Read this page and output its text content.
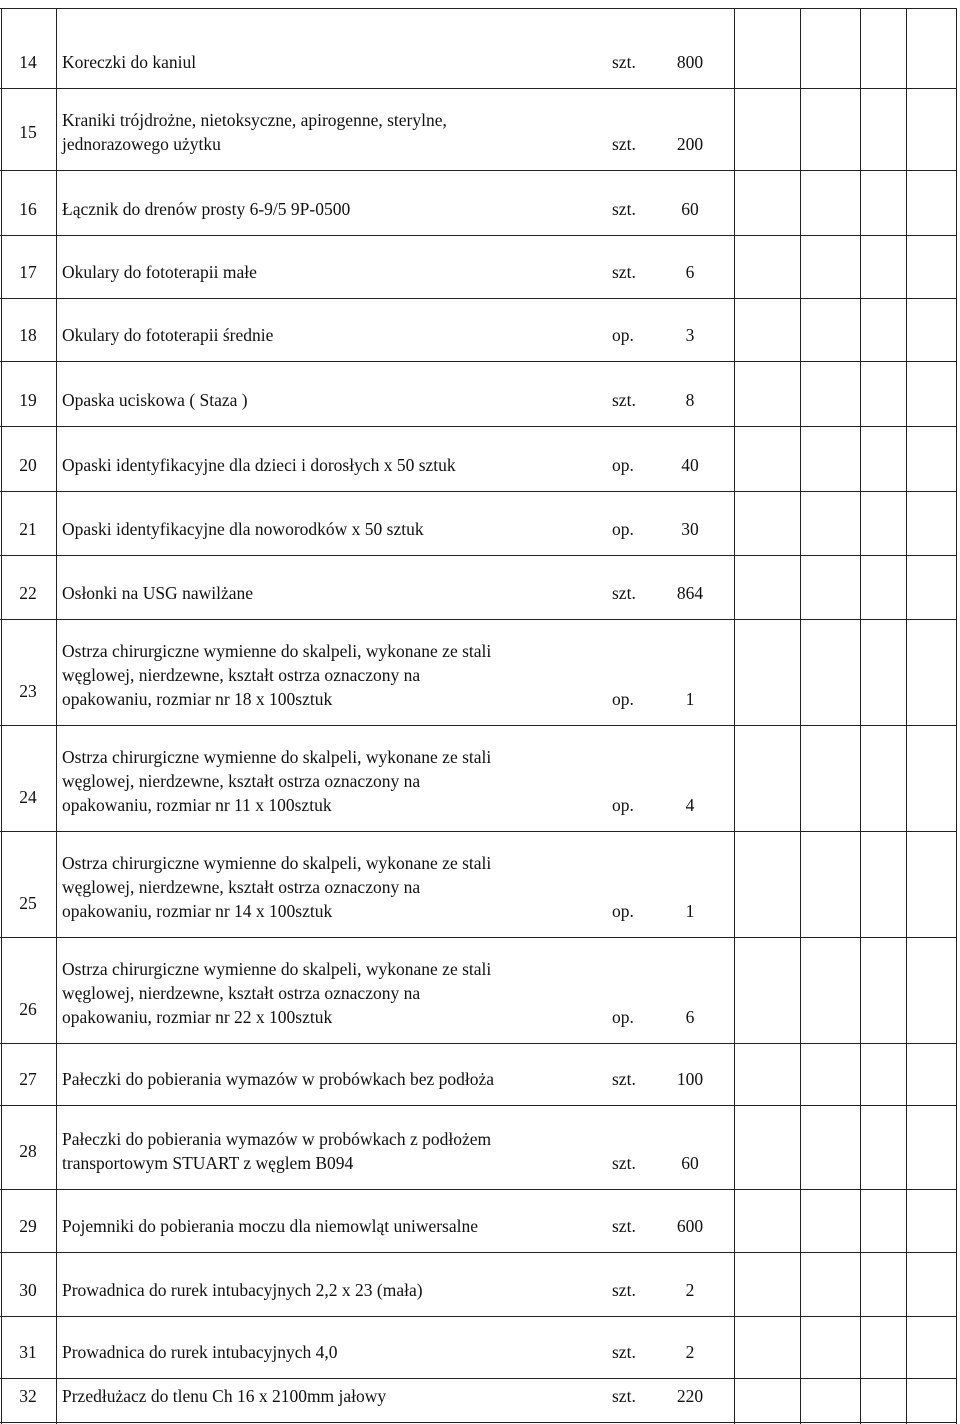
14	Koreczki do kaniul	szt.	800
15
Kraniki trójdrożne, nietoksyczne, apirogenne, sterylne,
jednorazowego użytku	szt.	200
16	Łącznik do drenów prosty 6-9/5 9P-0500	szt.	60
17	Okulary do fototerapii małe	szt.	6
18	Okulary do fototerapii średnie	op.	3
19	Opaska uciskowa ( Staza )	szt.	8
20	Opaski identyfikacyjne dla dzieci i dorosłych x 50 sztuk	op.	40
21	Opaski identyfikacyjne dla noworodków x 50 sztuk	op.	30
22	Osłonki na USG nawilżane	szt.	864
23
Ostrza chirurgiczne wymienne do skalpeli, wykonane ze stali
węglowej, nierdzewne, kształt ostrza oznaczony na
opakowaniu, rozmiar nr 18 x 100sztuk	op.	1
24
Ostrza chirurgiczne wymienne do skalpeli, wykonane ze stali
węglowej, nierdzewne, kształt ostrza oznaczony na
opakowaniu, rozmiar nr 11 x 100sztuk	op.	4
25
Ostrza chirurgiczne wymienne do skalpeli, wykonane ze stali
węglowej, nierdzewne, kształt ostrza oznaczony na
opakowaniu, rozmiar nr 14 x 100sztuk	op.	1
26
Ostrza chirurgiczne wymienne do skalpeli, wykonane ze stali
węglowej, nierdzewne, kształt ostrza oznaczony na
opakowaniu, rozmiar nr 22 x 100sztuk	op.	6
27	Pałeczki do pobierania wymazów w probówkach bez podłoża	szt.	100
28
Pałeczki do pobierania wymazów w probówkach z podłożem
transportowym STUART z węglem B094	szt.	60
29	Pojemniki do pobierania moczu dla niemowląt uniwersalne	szt.	600
30	Prowadnica do rurek intubacyjnych 2,2 x 23 (mała)	szt.	2
31	Prowadnica do rurek intubacyjnych 4,0	szt.	2
32	Przedłużacz do tlenu Ch 16 x 2100mm jałowy	szt.	220
